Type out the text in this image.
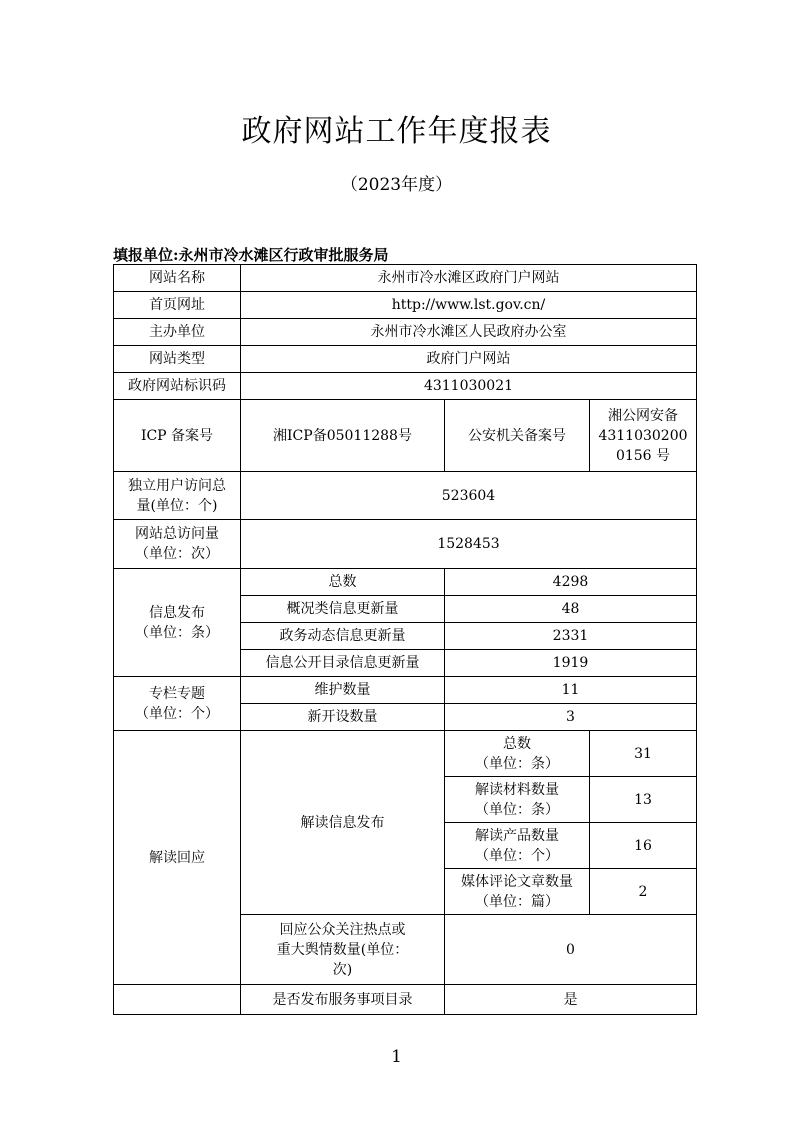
政府网站工作年度报表
（2023年度）
填报单位:永州市冷水滩区行政审批服务局
网站名称	永州市冷水滩区政府门户网站		
首页网址	http://www.lst.gov.cn/		
主办单位	永州市冷水滩区人民政府办公室		
网站类型	政府门户网站		
政府网站标识码	4311030021		
ICP 备案号	湘ICP备05011288号	公安机关备案号	湘公网安备
4311030200
0156 号

独立用户访问总
量(单位：个)	523604		

网站总访问量
（单位：次）	1528453		

信息发布
（单位：条）	总数	4298	
	概况类信息更新量	48	
	政务动态信息更新量	2331	
	信息公开目录信息更新量	1919	

专栏专题
（单位：个）	维护数量	11	
	新开设数量	3	
解读回应	解读信息发布	总数
（单位：条）	31

		解读材料数量
（单位：条）	13

		解读产品数量
（单位：个）	16

		媒体评论文章数量
（单位：篇）	2

	回应公众关注热点或
重大舆情数量(单位：
次)	0	
	是否发布服务事项目录	是	
1
